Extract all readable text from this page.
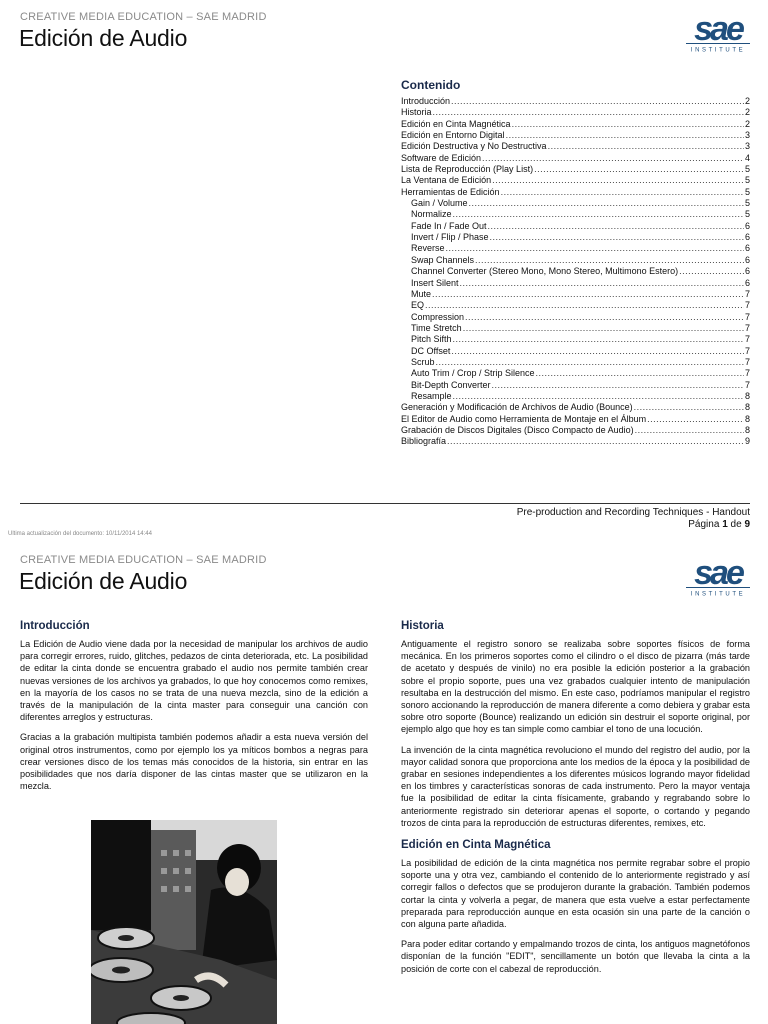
CREATIVE MEDIA EDUCATION – SAE MADRID
Edición de Audio	sae
INSTITUTE
Contenido
Introducción .....	2
Historia .....	2
Edición en Cinta Magnética .....	2
Edición en Entorno Digital .....	3
Edición Destructiva y No Destructiva .....	3
Software de Edición .....	4
Lista de Reproducción (Play List) .....	5
La Ventana de Edición .....	5
Herramientas de Edición .....	5
Gain / Volume .....	5
Normalize .....	5
Fade In / Fade Out .....	6
Invert / Flip / Phase .....	6
Reverse .....	6
Swap Channels .....	6
Channel Converter (Stereo Mono, Mono Stereo, Multimono Estero) .....	6
Insert Silent .....	6
Mute .....	7
EQ .....	7
Compression .....	7
Time Stretch .....	7
Pitch Sifth .....	7
DC Offset .....	7
Scrub .....	7
Auto Trim / Crop / Strip Silence .....	7
Bit-Depth Converter .....	7
Resample .....	8
Generación y Modificación de Archivos de Audio (Bounce) .....	8
El Editor de Audio como Herramienta de Montaje en el Álbum .....	8
Grabación de Discos Digitales (Disco Compacto de Audio) .....	8
Bibliografía .....	9
Pre-production and Recording Techniques - Handout
Página 1 de 9
Ultima actualización del documento: 10/11/2014 14:44
CREATIVE MEDIA EDUCATION – SAE MADRID
Edición de Audio	sae
INSTITUTE
Introducción

La Edición de Audio viene dada por la necesidad de manipular los archivos de audio para corregir errores, ruido, glitches, pedazos de cinta deteriorada, etc. La posibilidad de editar la cinta donde se encuentra grabado el audio nos permite también crear nuevas versiones de los archivos ya grabados, lo que hoy conocemos como remixes, en la mayoría de los casos no se trata de una nueva mezcla, sino de la edición a través de la manipulación de la cinta master para conseguir una canción con diferentes arreglos y estructuras.

Gracias a la grabación multipista también podemos añadir a esta nueva versión del original otros instrumentos, como por ejemplo los ya míticos bombos a negras para crear versiones disco de los temas más conocidos de la historia, sin entrar en las posibilidades que nos daría disponer de las cintas master que se utilizaron en la mezcla.

Historia

Antiguamente el registro sonoro se realizaba sobre soportes físicos de forma mecánica. En los primeros soportes como el cilindro o el disco de pizarra (más tarde de acetato y después de vinilo) no era posible la edición posterior a la grabación sobre el propio soporte, pues una vez grabados cualquier intento de manipulación resultaba en la destrucción del mismo. En este caso, podríamos manipular el registro sonoro accionando la reproducción de manera diferente a como debiera y grabar esta sobre otro soporte (Bounce) realizando un edición sin destruir el soporte original, por ejemplo algo que hoy es tan simple como cambiar el tono de una locución.

La invención de la cinta magnética revoluciono el mundo del registro del audio, por la mayor calidad sonora que proporciona ante los medios de la época y la posibilidad de grabar en sesiones independientes a los diferentes músicos logrando mayor fidelidad en los timbres y características sonoras de cada instrumento. Pero la mayor ventaja fue la posibilidad de editar la cinta físicamente, grabando y regrabando sobre lo anteriormente registrado sin deteriorar apenas el soporte, o cortando y pegando trozos de cinta para la reproducción de estructuras diferentes, remixes, etc.

Edición en Cinta Magnética

La posibilidad de edición de la cinta magnética nos permite regrabar sobre el propio soporte una y otra vez, cambiando el contenido de lo anteriormente registrado y así corregir fallos o defectos que se produjeron durante la grabación. También podemos cortar la cinta y volverla a pegar, de manera que esta vuelve a estar perfectamente preparada para reproducción aunque en esta ocasión sin una parte de la canción o con alguna parte añadida.

Para poder editar cortando y empalmando trozos de cinta, los antiguos magnetófonos disponían de la función "EDIT", sencillamente un botón que llevaba la cinta a la posición de corte con el cabezal de reproducción.
